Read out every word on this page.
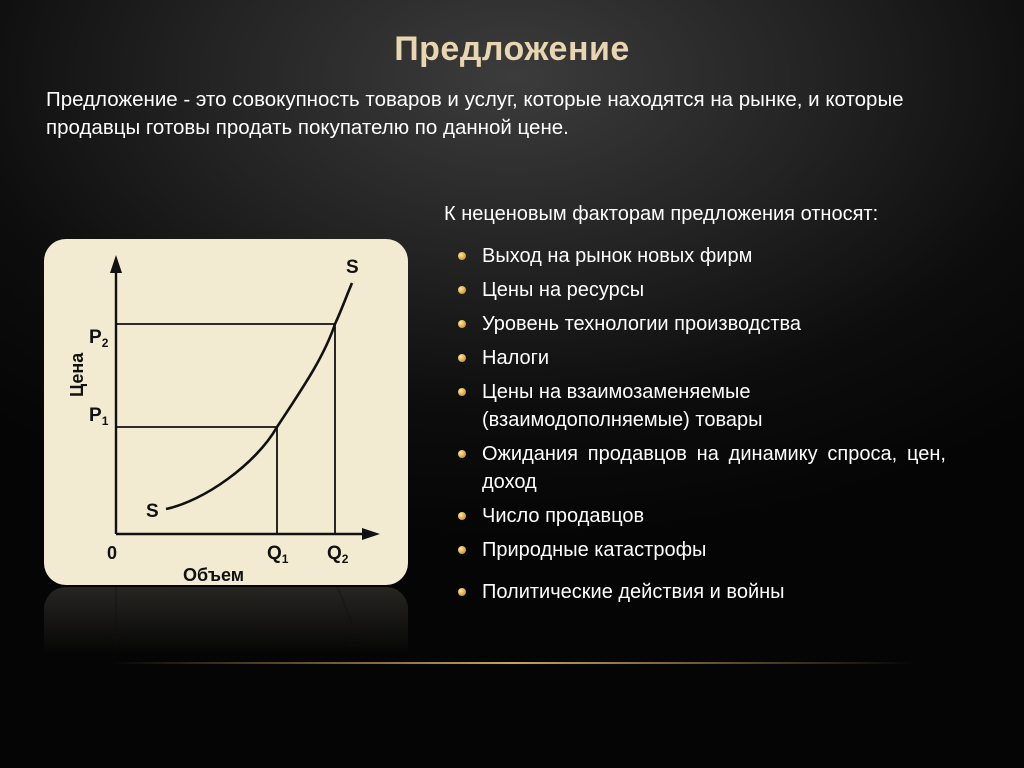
Предложение
Предложение - это совокупность товаров и услуг, которые находятся на рынке, и которые продавцы готовы продать покупателю по данной цене.
S
S
0
Цена
Объем
$P_2$
$P_1$
$Q_1$ $Q_2$
S
К неценовым факторам предложения относят:
Выход на рынок новых фирм
Цены на ресурсы
Уровень технологии производства
Налоги
Цены на взаимозаменяемые (взаимодополняемые) товары
Ожидания продавцов на динамику спроса, цен, доход
Число продавцов
Природные катастрофы
Политические действия и войны
